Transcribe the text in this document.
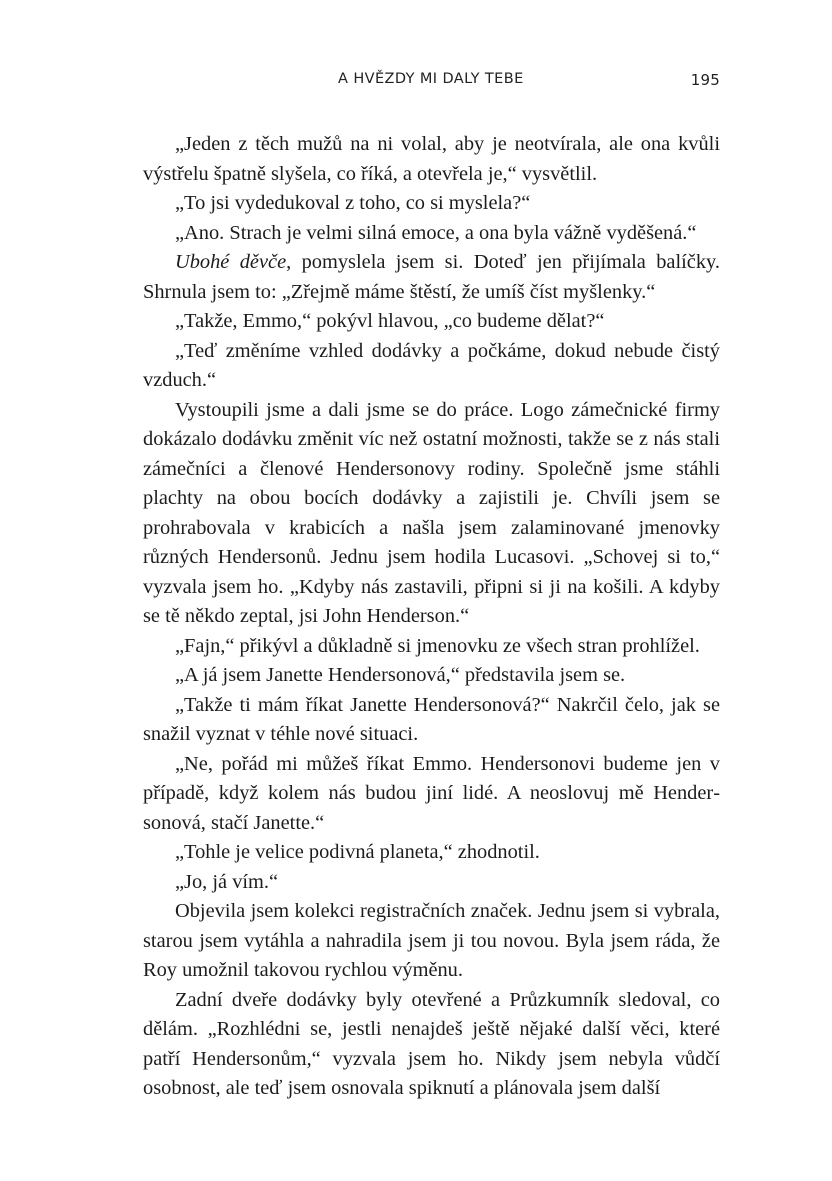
A HVĚZDY MI DALY TEBE	195

„Jeden z těch mužů na ni volal, aby je neotvírala, ale ona kvůli výstřelu špatně slyšela, co říká, a otevřela je,“ vysvětlil.

„To jsi vydedukoval z toho, co si myslela?“

„Ano. Strach je velmi silná emoce, a ona byla vážně vyděšená.“

Ubohé děvče, pomyslela jsem si. Doteď jen přijímala balíčky. Shrnula jsem to: „Zřejmě máme štěstí, že umíš číst myšlenky.“

„Takže, Emmo,“ pokývl hlavou, „co budeme dělat?“

„Teď změníme vzhled dodávky a počkáme, dokud nebude čistý vzduch.“

Vystoupili jsme a dali jsme se do práce. Logo zámečnické firmy dokázalo dodávku změnit víc než ostatní možnosti, takže se z nás stali zámečníci a členové Hendersonovy rodiny. Společně jsme stáhli plachty na obou bocích dodávky a zajistili je. Chvíli jsem se prohrabovala v krabicích a našla jsem zalaminované jmenovky různých Hendersonů. Jednu jsem hodila Lucasovi. „Schovej si to,“ vyzvala jsem ho. „Kdyby nás zastavili, připni si ji na košili. A kdyby se tě někdo zeptal, jsi John Henderson.“

„Fajn,“ přikývl a důkladně si jmenovku ze všech stran prohlížel.

„A já jsem Janette Hendersonová,“ představila jsem se.

„Takže ti mám říkat Janette Hendersonová?“ Nakrčil čelo, jak se snažil vyznat v téhle nové situaci.

„Ne, pořád mi můžeš říkat Emmo. Hendersonovi budeme jen v případě, když kolem nás budou jiní lidé. A neoslovuj mě Hendersonová, stačí Janette.“

„Tohle je velice podivná planeta,“ zhodnotil.

„Jo, já vím.“

Objevila jsem kolekci registračních značek. Jednu jsem si vybrala, starou jsem vytáhla a nahradila jsem ji tou novou. Byla jsem ráda, že Roy umožnil takovou rychlou výměnu.

Zadní dveře dodávky byly otevřené a Průzkumník sledoval, co dělám. „Rozhlédni se, jestli nenajdeš ještě nějaké další věci, které patří Hendersonům,“ vyzvala jsem ho. Nikdy jsem nebyla vůdčí osobnost, ale teď jsem osnovala spiknutí a plánovala jsem další
